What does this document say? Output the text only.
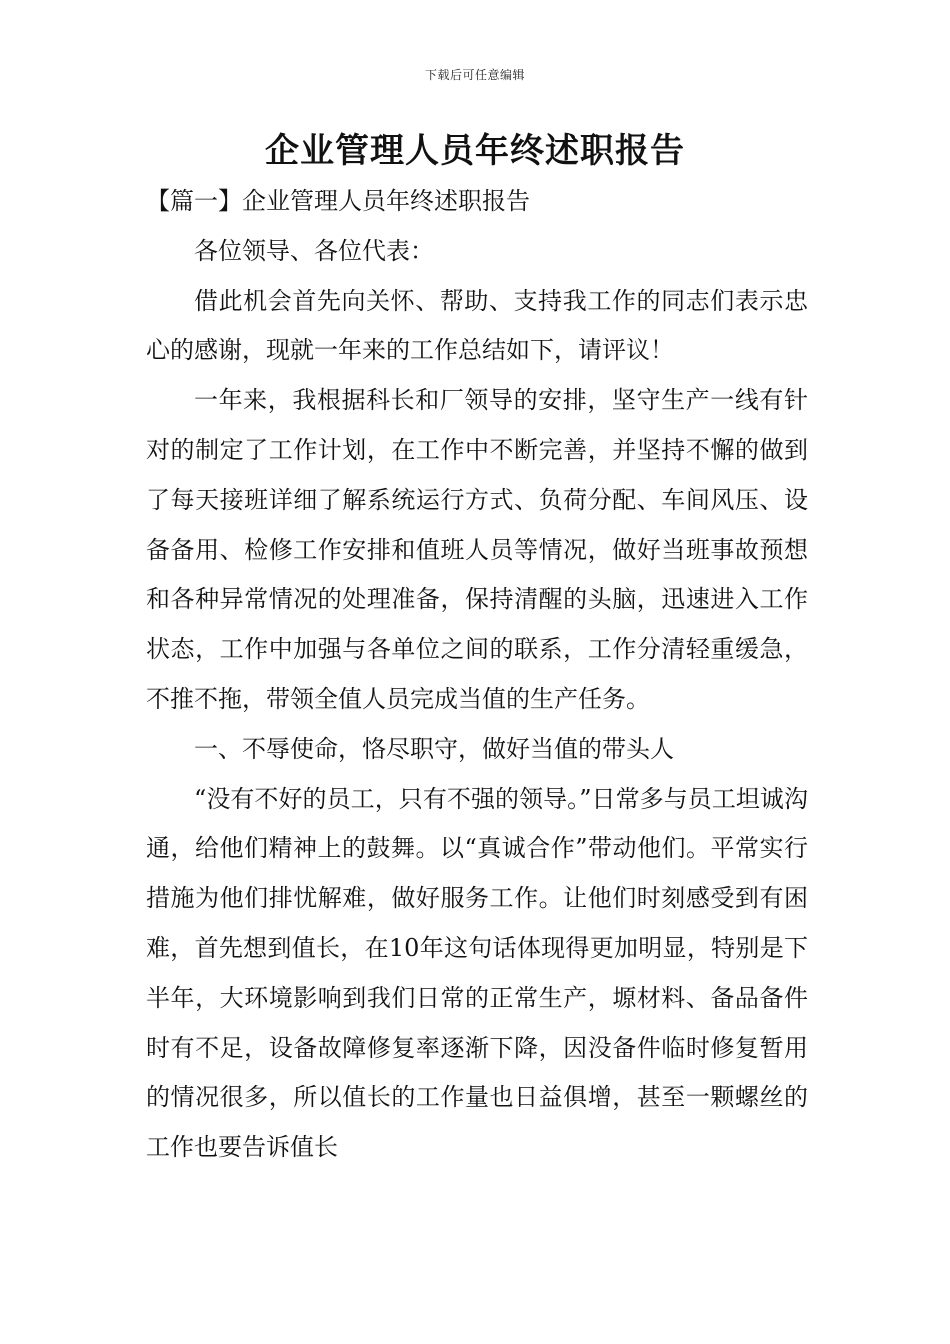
下载后可任意编辑
企业管理人员年终述职报告

【篇一】企业管理人员年终述职报告

各位领导、各位代表：

借此机会首先向关怀、帮助、支持我工作的同志们表示忠心的感谢，现就一年来的工作总结如下，请评议！

一年来，我根据科长和厂领导的安排，坚守生产一线有针对的制定了工作计划，在工作中不断完善，并坚持不懈的做到了每天接班详细了解系统运行方式、负荷分配、车间风压、设备备用、检修工作安排和值班人员等情况，做好当班事故预想和各种异常情况的处理准备，保持清醒的头脑，迅速进入工作状态，工作中加强与各单位之间的联系，工作分清轻重缓急，不推不拖，带领全值人员完成当值的生产任务。

一、不辱使命，恪尽职守，做好当值的带头人

“没有不好的员工，只有不强的领导。”日常多与员工坦诚沟通，给他们精神上的鼓舞。以“真诚合作”带动他们。平常实行措施为他们排忧解难，做好服务工作。让他们时刻感受到有困难，首先想到值长，在10年这句话体现得更加明显，特别是下半年，大环境影响到我们日常的正常生产，塬材料、备品备件时有不足，设备故障修复率逐渐下降，因没备件临时修复暂用的情况很多，所以值长的工作量也日益俱增，甚至一颗螺丝的工作也要告诉值长
